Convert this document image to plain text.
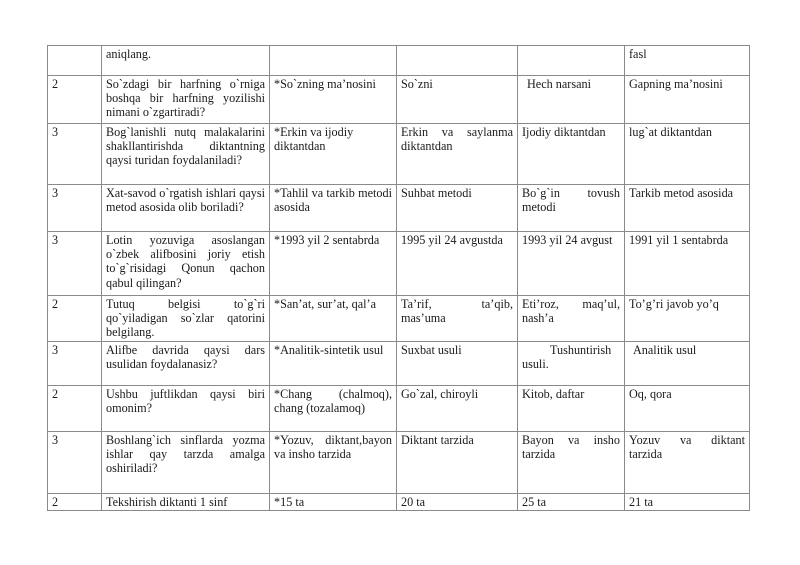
	aniqlang.				fasl
2	So`zdagi bir harfning o`rniga boshqa bir harfning yozilishi nimani o`zgartiradi?	*So`zning ma’nosini	So`zni	Hech narsani	Gapning ma’nosini
3	Bog`lanishli nutq malakalarini shakllantirishda diktantning qaysi turidan foydalaniladi?	*Erkin va ijodiy diktantdan	Erkin va saylanma diktantdan	Ijodiy diktantdan	lug`at diktantdan
3	Xat-savod o`rgatish ishlari qaysi metod asosida olib boriladi?	*Tahlil va tarkib metodi asosida	Suhbat metodi	Bo`g`in tovush metodi	Tarkib metod asosida
3	Lotin yozuviga asoslangan o`zbek alifbosini joriy etish to`g`risidagi Qonun qachon qabul qilingan?	*1993 yil 2 sentabrda	1995 yil 24 avgustda	1993 yil 24 avgust	1991 yil 1 sentabrda
2	Tutuq belgisi to`g`ri qo`yiladigan so`zlar qatorini belgilang.	*San’at, sur’at, qal’a	Ta’rif, ta’qib, mas’uma	Eti’roz, maq’ul, nash’a	To’g’ri javob yo’q
3	Alifbe davrida qaysi dars usulidan foydalanasiz?	*Analitik-sintetik usul	Suxbat usuli	Tushuntirish usuli.	Analitik usul
2	Ushbu juftlikdan qaysi biri omonim?	*Chang (chalmoq), chang (tozalamoq)	Go`zal, chiroyli	Kitob, daftar	Oq, qora
3	Boshlang`ich sinflarda yozma ishlar qay tarzda amalga oshiriladi?	*Yozuv, diktant,bayon va insho tarzida	Diktant tarzida	Bayon va insho tarzida	Yozuv va diktant tarzida
2	Tekshirish diktanti 1 sinf	*15 ta	20 ta	25 ta	21 ta
